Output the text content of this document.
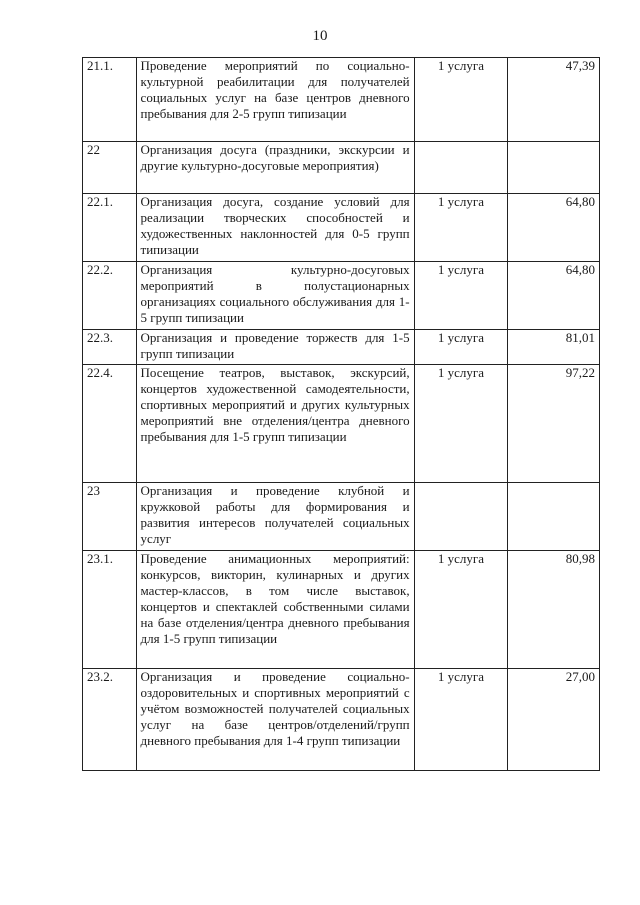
10
21.1.	Проведение мероприятий по социально-культурной реабилитации для получателей социальных услуг на базе центров дневного пребывания для 2-5 групп типизации	1 услуга	47,39
22	Организация досуга (праздники, экскурсии и другие культурно-досуговые мероприятия)		
22.1.	Организация досуга, создание условий для реализации творческих способностей и художественных наклонностей для 0-5 групп типизации	1 услуга	64,80
22.2.	Организация культурно-досуговых мероприятий в полустационарных организациях социального обслуживания для 1-5 групп типизации	1 услуга	64,80
22.3.	Организация и проведение торжеств для 1-5 групп типизации	1 услуга	81,01
22.4.	Посещение театров, выставок, экскурсий, концертов художественной самодеятельности, спортивных мероприятий и других культурных мероприятий вне отделения/центра дневного пребывания для 1-5 групп типизации	1 услуга	97,22
23	Организация и проведение клубной и кружковой работы для формирования и развития интересов получателей социальных услуг		
23.1.	Проведение анимационных мероприятий: конкурсов, викторин, кулинарных и других мастер-классов, в том числе выставок, концертов и спектаклей собственными силами на базе отделения/центра дневного пребывания для 1-5 групп типизации	1 услуга	80,98
23.2.	Организация и проведение социально-оздоровительных и спортивных мероприятий с учётом возможностей получателей социальных услуг на базе центров/отделений/групп дневного пребывания для 1-4 групп типизации	1 услуга	27,00
